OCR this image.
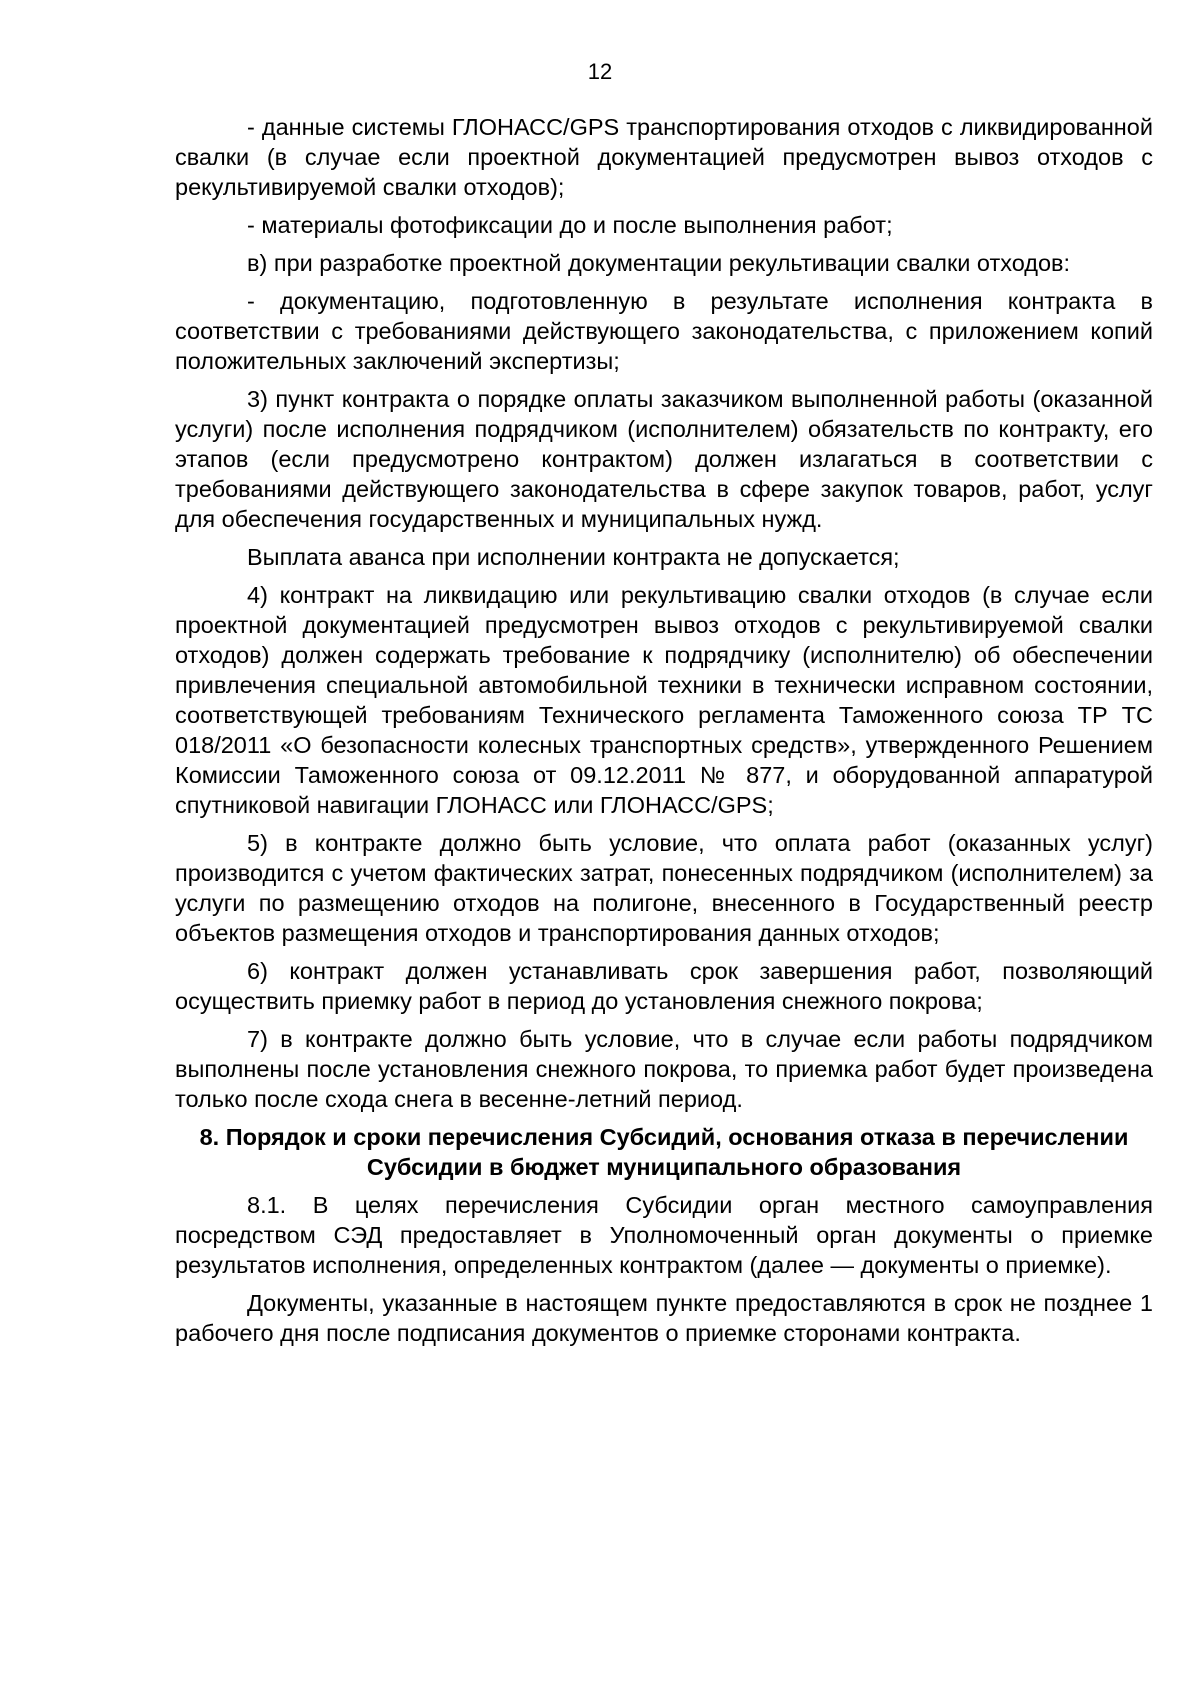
12

- данные системы ГЛОНАСС/GPS транспортирования отходов с ликвидированной свалки (в случае если проектной документацией предусмотрен вывоз отходов с рекультивируемой свалки отходов);

- материалы фотофиксации до и после выполнения работ;

в) при разработке проектной документации рекультивации свалки отходов:

- документацию, подготовленную в результате исполнения контракта в соответствии с требованиями действующего законодательства, с приложением копий положительных заключений экспертизы;

3) пункт контракта о порядке оплаты заказчиком выполненной работы (оказанной услуги) после исполнения подрядчиком (исполнителем) обязательств по контракту, его этапов (если предусмотрено контрактом) должен излагаться в соответствии с требованиями действующего законодательства в сфере закупок товаров, работ, услуг для обеспечения государственных и муниципальных нужд.

Выплата аванса при исполнении контракта не допускается;

4) контракт на ликвидацию или рекультивацию свалки отходов (в случае если проектной документацией предусмотрен вывоз отходов с рекультивируемой свалки отходов) должен содержать требование к подрядчику (исполнителю) об обеспечении привлечения специальной автомобильной техники в технически исправном состоянии, соответствующей требованиям Технического регламента Таможенного союза ТР ТС 018/2011 «О безопасности колесных транспортных средств», утвержденного Решением Комиссии Таможенного союза от 09.12.2011 № 877, и оборудованной аппаратурой спутниковой навигации ГЛОНАСС или ГЛОНАСС/GPS;

5) в контракте должно быть условие, что оплата работ (оказанных услуг) производится с учетом фактических затрат, понесенных подрядчиком (исполнителем) за услуги по размещению отходов на полигоне, внесенного в Государственный реестр объектов размещения отходов и транспортирования данных отходов;

6) контракт должен устанавливать срок завершения работ, позволяющий осуществить приемку работ в период до установления снежного покрова;

7) в контракте должно быть условие, что в случае если работы подрядчиком выполнены после установления снежного покрова, то приемка работ будет произведена только после схода снега в весенне-летний период.

8. Порядок и сроки перечисления Субсидий, основания отказа в перечислении Субсидии в бюджет муниципального образования

8.1. В целях перечисления Субсидии орган местного самоуправления посредством СЭД предоставляет в Уполномоченный орган документы о приемке результатов исполнения, определенных контрактом (далее — документы о приемке).

Документы, указанные в настоящем пункте предоставляются в срок не позднее 1 рабочего дня после подписания документов о приемке сторонами контракта.
